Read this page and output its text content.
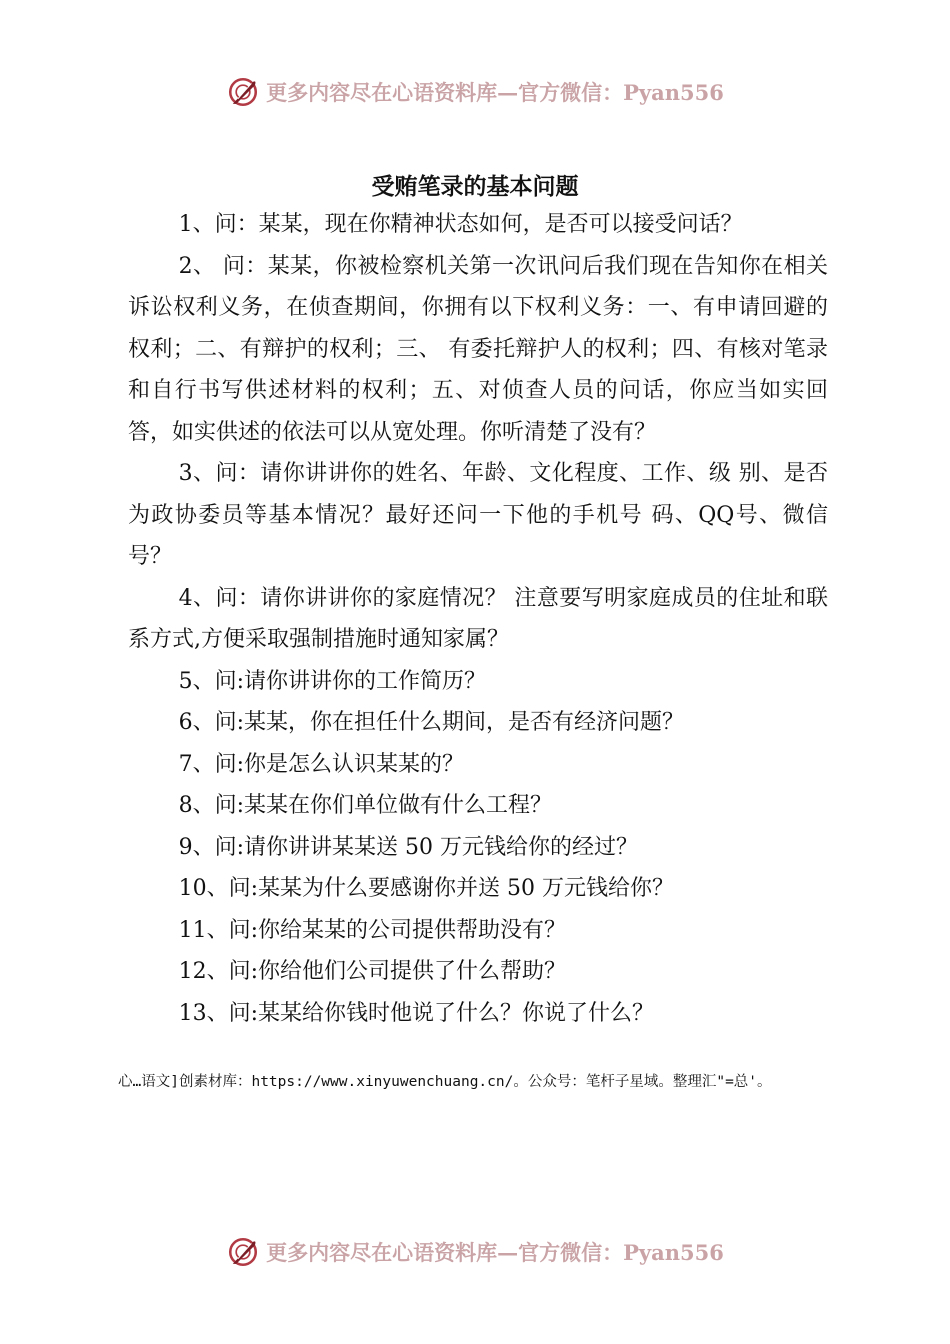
更多内容尽在心语资料库—官方微信：Pyan556
受贿笔录的基本问题

1、问：某某，现在你精神状态如何，是否可以接受问话？

2、 问：某某，你被检察机关第一次讯问后我们现在告知你在相关诉讼权利义务，在侦查期间，你拥有以下权利义务：一、有申请回避的权利；二、有辩护的权利；三、 有委托辩护人的权利；四、有核对笔录和自行书写供述材料的权利；五、对侦查人员的问话，你应当如实回答，如实供述的依法可以从宽处理。你听清楚了没有？

3、问：请你讲讲你的姓名、年龄、文化程度、工作、级 别、是否为政协委员等基本情况？最好还问一下他的手机号 码、QQ号、微信号？

4、问：请你讲讲你的家庭情况？ 注意要写明家庭成员的住址和联系方式,方便采取强制措施时通知家属？

5、问:请你讲讲你的工作简历？

6、问:某某，你在担任什么期间，是否有经济问题？

7、问:你是怎么认识某某的？

8、问:某某在你们单位做有什么工程？

9、问:请你讲讲某某送 50 万元钱给你的经过？

10、问:某某为什么要感谢你并送 50 万元钱给你？

11、问:你给某某的公司提供帮助没有？

12、问:你给他们公司提供了什么帮助？

13、问:某某给你钱时他说了什么？你说了什么？

心…语文]创素材库：https://www.xinyuwenchuang.cn/。公众号：笔杆子星域。整理汇"=总'。
更多内容尽在心语资料库—官方微信：Pyan556
